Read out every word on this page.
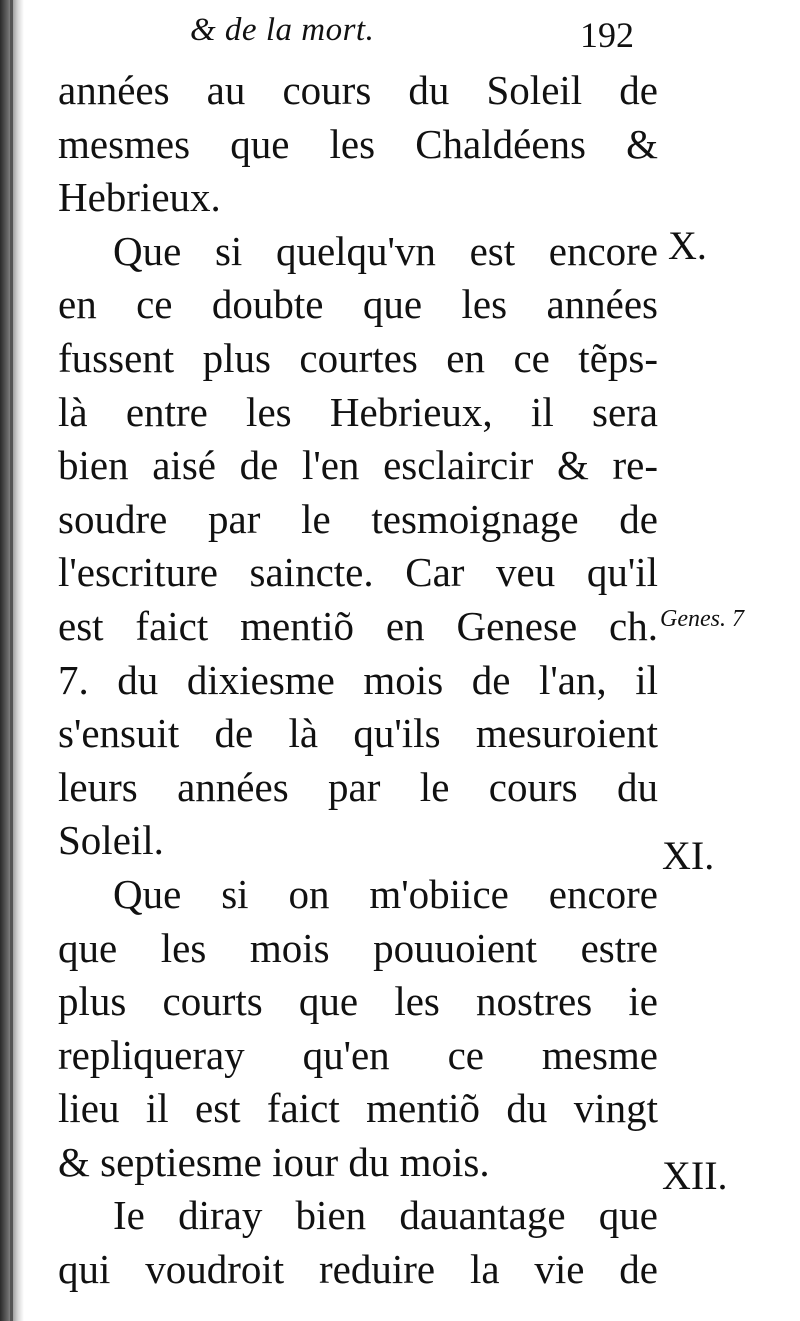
& de la mort.	192
années au cours du Soleil de
mesmes que les Chaldéens &
Hebrieux.
Que si quelqu'vn est encore
en ce doubte que les années
fussent plus courtes en ce tẽps-
là entre les Hebrieux, il sera
bien aisé de l'en esclaircir & re-
soudre par le tesmoignage de
l'escriture saincte. Car veu qu'il
est faict mentiõ en Genese ch.
7. du dixiesme mois de l'an, il
s'ensuit de là qu'ils mesuroient
leurs années par le cours du
Soleil.
Que si on m'obiice encore
que les mois pouuoient estre
plus courts que les nostres ie
repliqueray qu'en ce mesme
lieu il est faict mentiõ du vingt
& septiesme iour du mois.
Ie diray bien dauantage que
qui voudroit reduire la vie de
X.
Genes. 7
XI.
XII.
